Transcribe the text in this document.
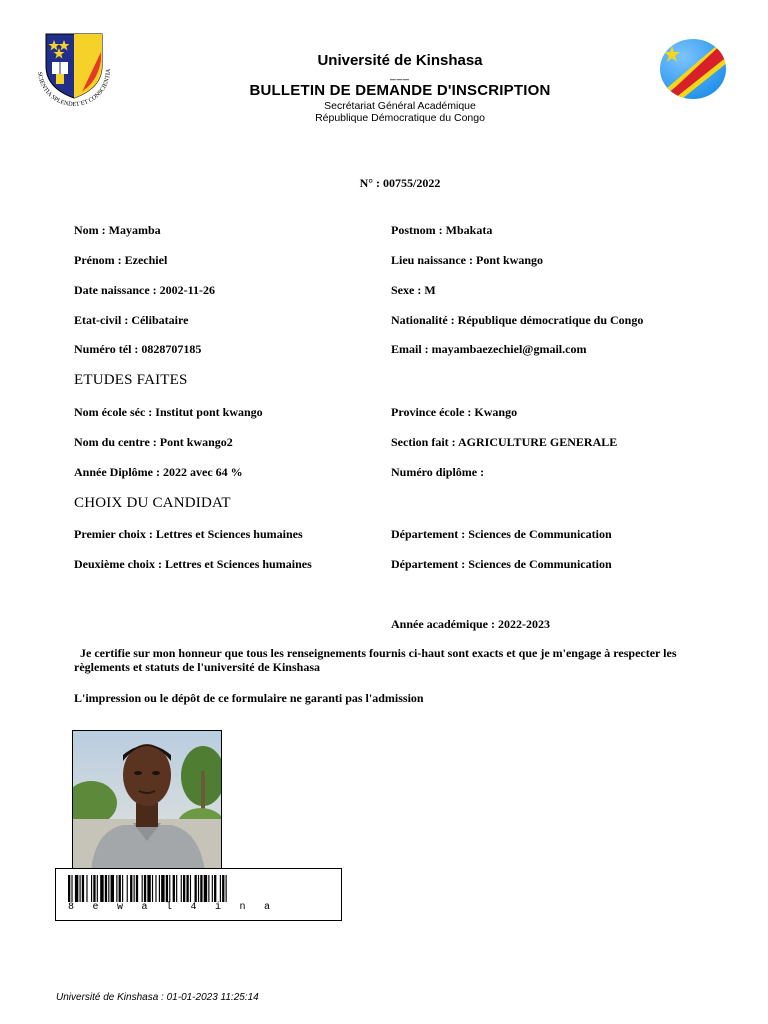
SCIENTIA SPLENDET ET CONSCIENTIA
Université de Kinshasa
___
BULLETIN DE DEMANDE D'INSCRIPTION
Secrétariat Général Académique
République Démocratique du Congo
N° : 00755/2022
Nom : Mayamba	Postnom : Mbakata
Prénom : Ezechiel	Lieu naissance : Pont kwango
Date naissance : 2002-11-26	Sexe : M
Etat-civil : Célibataire	Nationalité : République démocratique du Congo
Numéro tél : 0828707185	Email : mayambaezechiel@gmail.com
ETUDES FAITES
Nom école séc : Institut pont kwango	Province école : Kwango
Nom du centre : Pont kwango2	Section fait : AGRICULTURE GENERALE
Année Diplôme : 2022 avec 64 %	Numéro diplôme :
CHOIX DU CANDIDAT
Premier choix : Lettres et Sciences humaines	Département : Sciences de Communication
Deuxième choix : Lettres et Sciences humaines	Département : Sciences de Communication
Année académique : 2022-2023
Je certifie sur mon honneur que tous les renseignements fournis ci-haut sont exacts et que je m'engage à respecter les règlements et statuts de l'université de Kinshasa
L'impression ou le dépôt de ce formulaire ne garanti pas l'admission
8ewal4ina
Université de Kinshasa : 01-01-2023 11:25:14
